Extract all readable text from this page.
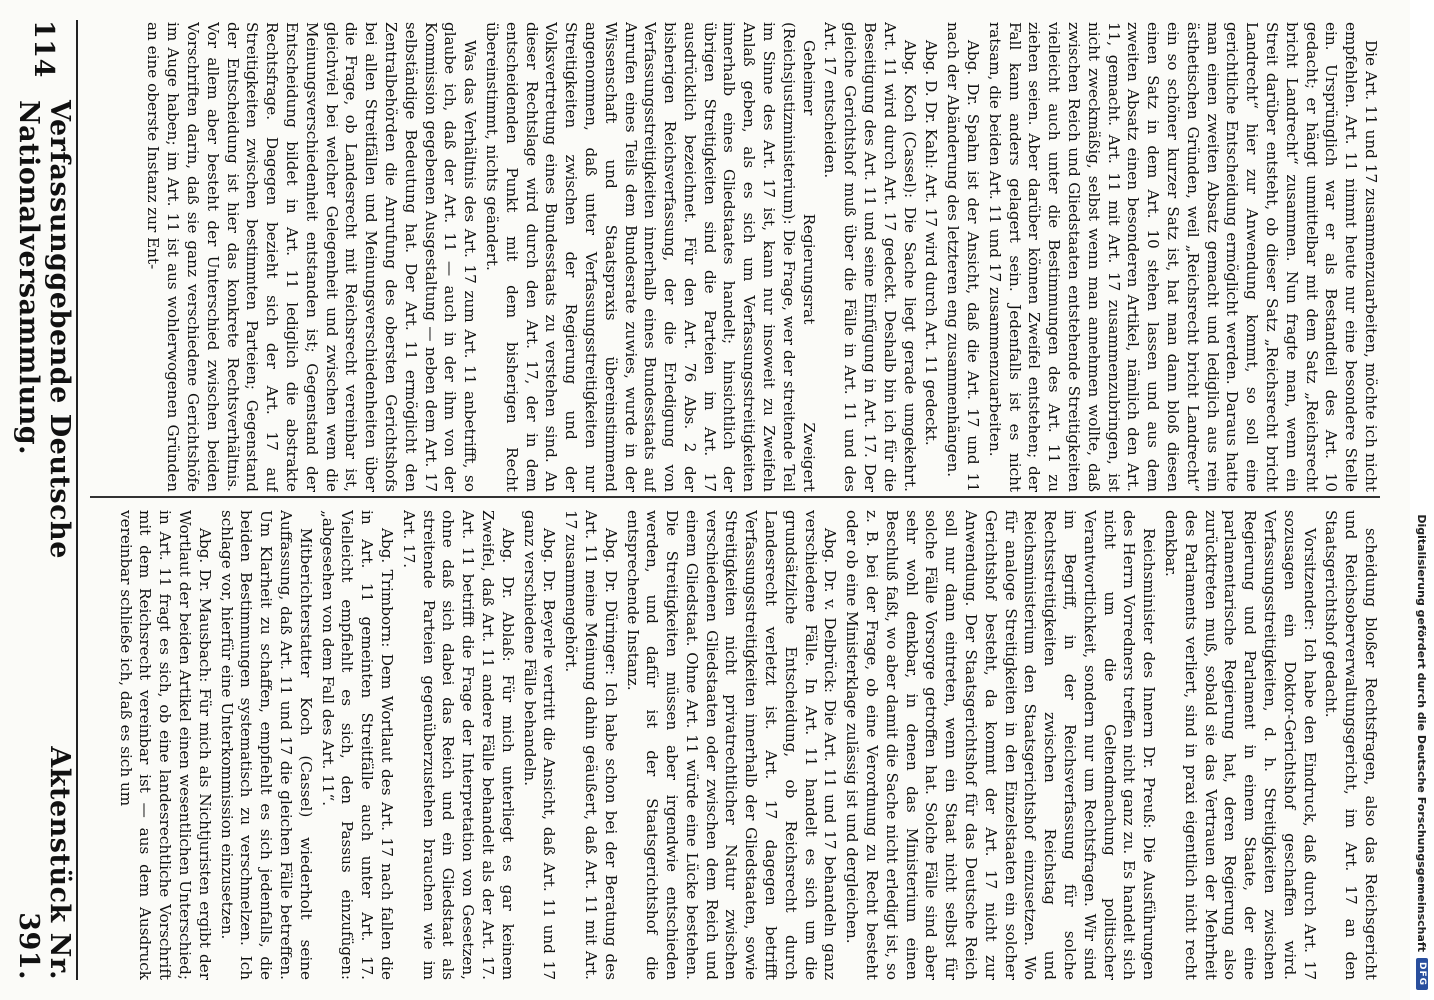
Die Art. 11 und 17 zusammenzuarbeiten, möchte ich nicht empfehlen. Art. 11 nimmt heute nur eine besondere Stelle ein. Ursprünglich war er als Bestandteil des Art. 10 gedacht; er hängt unmittelbar mit dem Satz „Reichsrecht bricht Landrecht“ zusammen. Nun fragte man, wenn ein Streit darüber entsteht, ob dieser Satz „Reichsrecht bricht Landrecht“ hier zur Anwendung kommt, so soll eine gerichtliche Entscheidung ermöglicht werden. Daraus hatte man einen zweiten Absatz gemacht und lediglich aus rein ästhetischen Gründen, weil „Reichsrecht bricht Landrecht“ ein so schöner kurzer Satz ist, hat man dann bloß diesen einen Satz in dem Art. 10 stehen lassen und aus dem zweiten Absatz einen besonderen Artikel, nämlich den Art. 11, gemacht. Art. 11 mit Art. 17 zusammenzubringen, ist nicht zweckmäßig, selbst wenn man annehmen wollte, daß zwischen Reich und Gliedstaaten entstehende Streitigkeiten vielleicht auch unter die Bestimmungen des Art. 11 zu ziehen seien. Aber darüber können Zweifel entstehen; der Fall kann anders gelagert sein. Jedenfalls ist es nicht ratsam, die beiden Art. 11 und 17 zusammenzuarbeiten.

Abg. Dr. Spahn ist der Ansicht, daß die Art. 17 und 11 nach der Abänderung des letzteren eng zusammenhängen.

Abg. D. Dr. Kahl: Art. 17 wird durch Art. 11 gedeckt.

Abg. Koch (Cassel): Die Sache liegt gerade umgekehrt. Art. 11 wird durch Art. 17 gedeckt. Deshalb bin ich für die Beseitigung des Art. 11 und seine Einfügung in Art. 17. Der gleiche Gerichtshof muß über die Fälle in Art. 11 und des Art. 17 entscheiden.

Geheimer Regierungsrat Zweigert (Reichsjustizministerium): Die Frage, wer der streitende Teil im Sinne des Art. 17 ist, kann nur insoweit zu Zweifeln Anlaß geben, als es sich um Verfassungsstreitigkeiten innerhalb eines Gliedstaates handelt; hinsichtlich der übrigen Streitigkeiten sind die Parteien im Art. 17 ausdrücklich bezeichnet. Für den Art. 76 Abs. 2 der bisherigen Reichsverfassung, der die Erledigung von Verfassungsstreitigkeiten innerhalb eines Bundesstaats auf Anrufen eines Teils dem Bundesrate zuwies, wurde in der Wissenschaft und Staatspraxis übereinstimmend angenommen, daß unter Verfassungsstreitigkeiten nur Streitigkeiten zwischen der Regierung und der Volksvertretung eines Bundesstaats zu verstehen sind. An dieser Rechtslage wird durch den Art. 17, der in dem entscheidenden Punkt mit dem bisherigen Recht übereinstimmt, nichts geändert.

Was das Verhältnis des Art. 17 zum Art. 11 anbetrifft, so glaube ich, daß der Art. 11 — auch in der ihm von der Kommission gegebenen Ausgestaltung — neben dem Art. 17 selbständige Bedeutung hat. Der Art. 11 ermöglicht den Zentralbehörden die Anrufung des obersten Gerichtshofs bei allen Streitfällen und Meinungsverschiedenheiten über die Frage, ob Landesrecht mit Reichsrecht vereinbar ist, gleichviel bei welcher Gelegenheit und zwischen wem die Meinungsverschiedenheit entstanden ist; Gegenstand der Entscheidung bildet in Art. 11 lediglich die abstrakte Rechtsfrage. Dagegen bezieht sich der Art. 17 auf Streitigkeiten zwischen bestimmten Parteien; Gegenstand der Entscheidung ist hier das konkrete Rechtsverhältnis. Vor allem aber besteht der Unterschied zwischen beiden Vorschriften darin, daß sie ganz verschiedene Gerichtshöfe im Auge haben; im Art. 11 ist aus wohlerwogenen Gründen an eine oberste Instanz zur Ent-

scheidung bloßer Rechtsfragen, also das Reichsgericht und Reichsoberverwaltungsgericht, im Art. 17 an den Staatsgerichtshof gedacht.

Vorsitzender: Ich habe den Eindruck, daß durch Art. 17 sozusagen ein Doktor-Gerichtshof geschaffen wird. Verfassungsstreitigkeiten, d. h. Streitigkeiten zwischen Regierung und Parlament in einem Staate, der eine parlamentarische Regierung hat, deren Regierung also zurücktreten muß, sobald sie das Vertrauen der Mehrheit des Parlaments verliert, sind in praxi eigentlich nicht recht denkbar.

Reichsminister des Innern Dr. Preuß: Die Ausführungen des Herrn Vorredners treffen nicht ganz zu. Es handelt sich nicht um die Geltendmachung politischer Verantwortlichkeit, sondern nur um Rechtsfragen. Wir sind im Begriff, in der Reichsverfassung für solche Rechtsstreitigkeiten zwischen Reichstag und Reichsministerium den Staatsgerichtshof einzusetzen. Wo für analoge Streitigkeiten in den Einzelstaaten ein solcher Gerichtshof besteht, da kommt der Art. 17 nicht zur Anwendung. Der Staatsgerichtshof für das Deutsche Reich soll nur dann eintreten, wenn ein Staat nicht selbst für solche Fälle Vorsorge getroffen hat. Solche Fälle sind aber sehr wohl denkbar, in denen das Ministerium einen Beschluß faßt, wo aber damit die Sache nicht erledigt ist, so z. B. bei der Frage, ob eine Verordnung zu Recht besteht oder ob eine Ministerklage zulässig ist und dergleichen.

Abg. Dr. v. Delbrück: Die Art. 11 und 17 behandeln ganz verschiedene Fälle. In Art. 11 handelt es sich um die grundsätzliche Entscheidung, ob Reichsrecht durch Landesrecht verletzt ist. Art. 17 dagegen betrifft Verfassungsstreitigkeiten innerhalb der Gliedstaaten, sowie Streitigkeiten nicht privatrechtlicher Natur zwischen verschiedenen Gliedstaaten oder zwischen dem Reich und einem Gliedstaat. Ohne Art. 11 würde eine Lücke bestehen. Die Streitigkeiten müssen aber irgendwie entschieden werden, und dafür ist der Staatsgerichtshof die entsprechende Instanz.

Abg. Dr. Düringer: Ich habe schon bei der Beratung des Art. 11 meine Meinung dahin geäußert, daß Art. 11 mit Art. 17 zusammengehört.

Abg. Dr. Beyerle vertritt die Ansicht, daß Art. 11 und 17 ganz verschiedene Fälle behandeln.

Abg. Dr. Ablaß: Für mich unterliegt es gar keinem Zweifel, daß Art. 11 andere Fälle behandelt als der Art. 17. Art. 11 betrifft die Frage der Interpretation von Gesetzen, ohne daß sich dabei das Reich und ein Gliedstaat als streitende Parteien gegenüberzustehen brauchen wie im Art. 17.

Abg. Trimborn: Dem Wortlaut des Art. 17 nach fallen die in Art. 11 gemeinten Streitfälle auch unter Art. 17. Vielleicht empfiehlt es sich, den Passus einzufügen: „abgesehen von dem Fall des Art. 11“.

Mitberichterstatter Koch (Cassel) wiederholt seine Auffassung, daß Art. 11 und 17 die gleichen Fälle betreffen. Um Klarheit zu schaffen, empfiehlt es sich jedenfalls, die beiden Bestimmungen systematisch zu verschmelzen. Ich schlage vor, hierfür eine Unterkommission einzusetzen.

Abg. Dr. Mausbach: Für mich als Nichtjuristen ergibt der Wortlaut der beiden Artikel einen wesentlichen Unterschied; in Art. 11 fragt es sich, ob eine landesrechtliche Vorschrift mit dem Reichsrecht vereinbar ist — aus dem Ausdruck vereinbar schließe ich, daß es sich um

114
Verfassunggebende Deutsche Nationalversammlung.
Aktenstück Nr. 391.	Digitalisierung gefördert durch die Deutsche Forschungsgemeinschaft
DFG
